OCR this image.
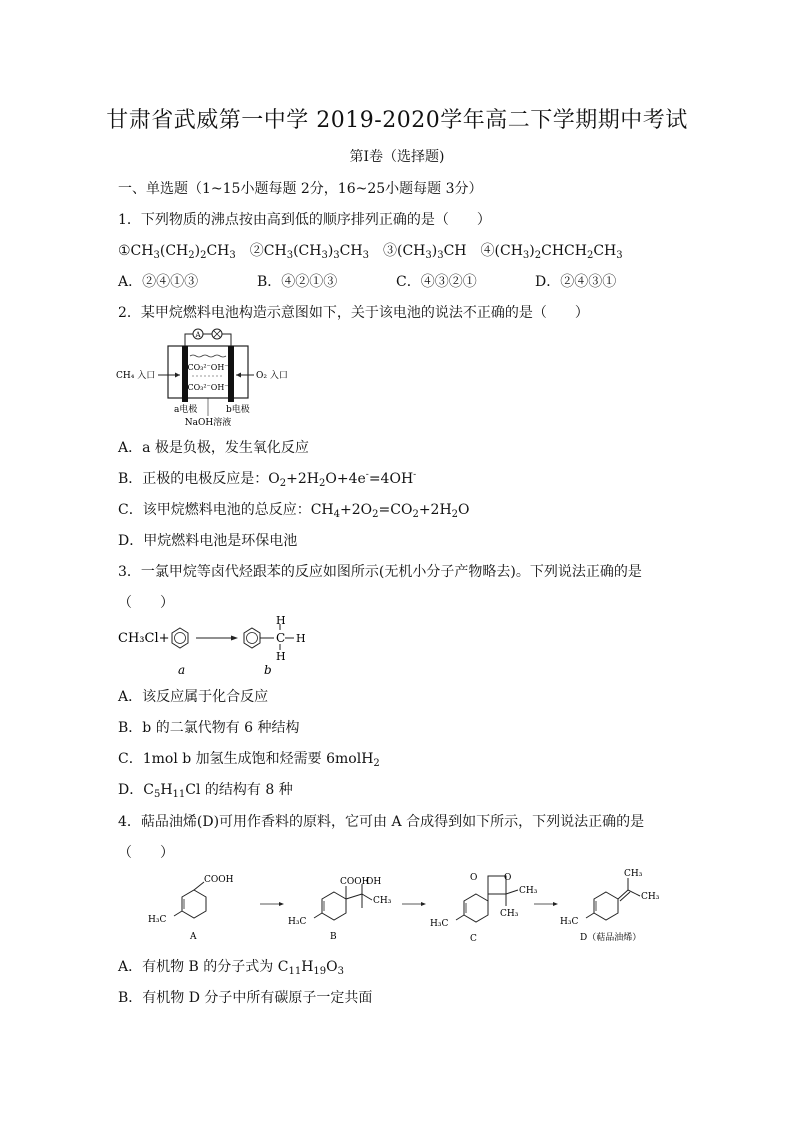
甘肃省武威第一中学 2019-2020学年高二下学期期中考试
第Ⅰ卷（选择题)
一、单选题（1~15小题每题 2分，16~25小题每题 3分）
1．下列物质的沸点按由高到低的顺序排列正确的是（　　）
$①CH_3(CH_2)_2CH_3$　 $②CH_3(CH_3)_3CH_3$　 $③(CH_3)_3CH$　 $④(CH_3)_2CHCH_2CH_3$
A．②④①③	B．④②①③	C．④③②①	D．②④③①
2．某甲烷燃料电池构造示意图如下，关于该电池的说法不正确的是（　　）
A
CO₃²⁻OH⁻
CO₃²⁻OH⁻
CH₄ 入口	O₂ 入口
a电极	b电极
NaOH溶液
A．a 极是负极，发生氧化反应
B．正极的电极反应是：$O_2+2H_2O+4e^-=4OH^-$
C．该甲烷燃料电池的总反应：$CH_4+2O_2=CO_2+2H_2O$
D．甲烷燃料电池是环保电池
3．一氯甲烷等卤代烃跟苯的反应如图所示(无机小分子产物略去)。下列说法正确的是
（　　）
CH₃Cl+	C
H
H
H
a	b
A．该反应属于化合反应
B．b 的二氯代物有 6 种结构
C．1mol b 加氢生成饱和烃需要 6molH$_2$
D．$C_5H_{11}Cl$ 的结构有 8 种
4．萜品油烯(D)可用作香料的原料，它可由 A 合成得到如下所示，下列说法正确的是
（　　）
COOH
H₃C
A
COOH
OH
CH₃
H₃C
B
O	O
CH₃
CH₃
H₃C
C
CH₃
CH₃
H₃C
D（萜品油烯）
A．有机物 B 的分子式为 $C_{11}H_{19}O_3$
B．有机物 D 分子中所有碳原子一定共面
